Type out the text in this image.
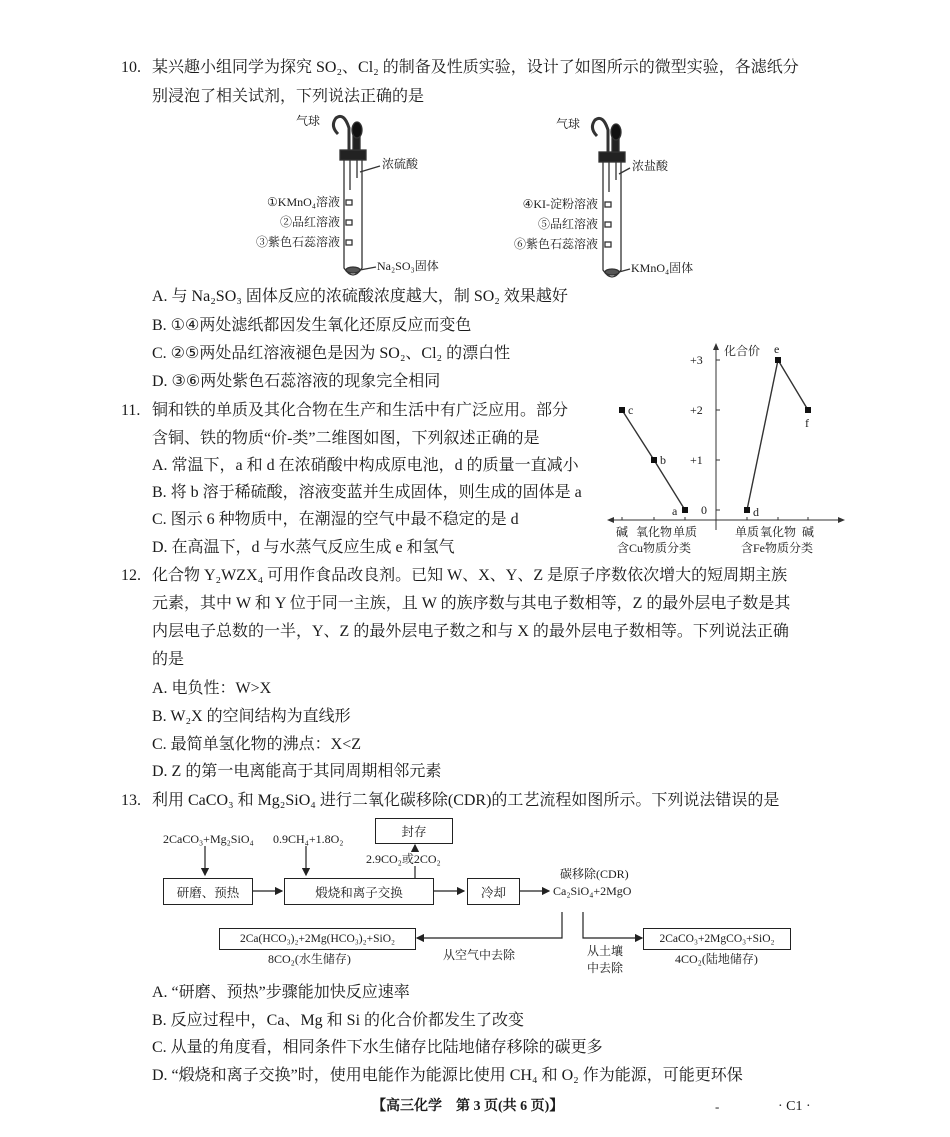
10. 某兴趣小组同学为探究 SO₂、Cl₂ 的制备及性质实验，设计了如图所示的微型实验，各滤纸分
别浸泡了相关试剂，下列说法正确的是
气球
浓硫酸
①KMnO₄溶液
②品红溶液
③紫色石蕊溶液
Na₂SO₃固体
气球
浓盐酸
④KI-淀粉溶液
⑤品红溶液
⑥紫色石蕊溶液
KMnO₄固体
A. 与 Na₂SO₃ 固体反应的浓硫酸浓度越大，制 SO₂ 效果越好
B. ①④两处滤纸都因发生氧化还原反应而变色
C. ②⑤两处品红溶液褪色是因为 SO₂、Cl₂ 的漂白性
D. ③⑥两处紫色石蕊溶液的现象完全相同
11. 铜和铁的单质及其化合物在生产和生活中有广泛应用。部分
含铜、铁的物质“价-类”二维图如图，下列叙述正确的是
A. 常温下，a 和 d 在浓硝酸中构成原电池，d 的质量一直减小
B. 将 b 溶于稀硫酸，溶液变蓝并生成固体，则生成的固体是 a
C. 图示 6 种物质中，在潮湿的空气中最不稳定的是 d
D. 在高温下，d 与水蒸气反应生成 e 和氢气
c
b
a	d
e
f
化合价
+3
+2
+1
0
碱 氧化物 单质	单质 氧化物 碱
含Cu物质分类	含Fe物质分类
12. 化合物 Y₂WZX₄ 可用作食品改良剂。已知 W、X、Y、Z 是原子序数依次增大的短周期主族
元素，其中 W 和 Y 位于同一主族，且 W 的族序数与其电子数相等，Z 的最外层电子数是其
内层电子总数的一半，Y、Z 的最外层电子数之和与 X 的最外层电子数相等。下列说法正确
的是
A. 电负性：W>X
B. W₂X 的空间结构为直线形
C. 最简单氢化物的沸点：X<Z
D. Z 的第一电离能高于其同周期相邻元素
13. 利用 CaCO₃ 和 Mg₂SiO₄ 进行二氧化碳移除(CDR)的工艺流程如图所示。下列说法错误的是
2CaCO₃+Mg₂SiO₄ 0.9CH₄+1.8O₂	封存
2.9CO₂或2CO₂
研磨、预热	煅烧和离子交换	冷却
碳移除(CDR)
Ca₂SiO₄+2MgO
2Ca(HCO₃)₂+2Mg(HCO₃)₂+SiO₂
8CO₂(水生储存)	从空气中去除	从土壤
中去除
2CaCO₃+2MgCO₃+SiO₂
4CO₂(陆地储存)
A. “研磨、预热”步骤能加快反应速率
B. 反应过程中，Ca、Mg 和 Si 的化合价都发生了改变
C. 从量的角度看，相同条件下水生储存比陆地储存移除的碳更多
D. “煅烧和离子交换”时，使用电能作为能源比使用 CH₄ 和 O₂ 作为能源，可能更环保
【高三化学　第 3 页(共 6 页)】	-	· C1 ·
